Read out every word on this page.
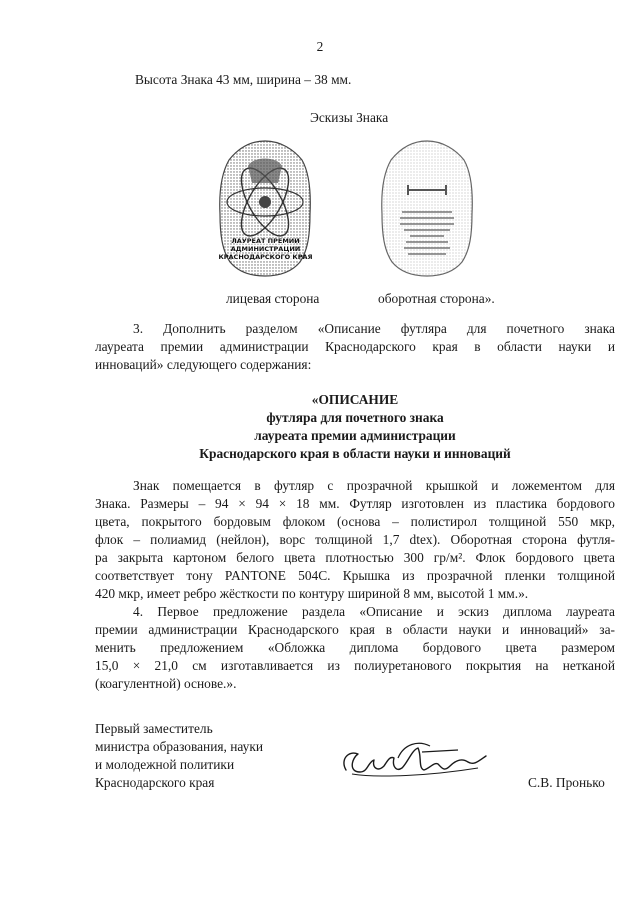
2
Высота Знака 43 мм, ширина – 38 мм.
Эскизы Знака
ЛАУРЕАТ ПРЕМИИ
АДМИНИСТРАЦИИ
КРАСНОДАРСКОГО КРАЯ
лицевая сторона	оборотная сторона».
3. Дополнить разделом «Описание футляра для почетного знака
лауреата премии администрации Краснодарского края в области науки и
инноваций» следующего содержания:
«ОПИСАНИЕ
футляра для почетного знака
лауреата премии администрации
Краснодарского края в области науки и инноваций
Знак помещается в футляр с прозрачной крышкой и ложементом для
Знака. Размеры – 94 × 94 × 18 мм. Футляр изготовлен из пластика бордового
цвета, покрытого бордовым флоком (основа – полистирол толщиной 550 мкр,
флок – полиамид (нейлон), ворс толщиной 1,7 dtex). Оборотная сторона футля-
ра закрыта картоном белого цвета плотностью 300 гр/м². Флок бордового цвета
соответствует тону PANTONE 504C. Крышка из прозрачной пленки толщиной
420 мкр, имеет ребро жёсткости по контуру шириной 8 мм, высотой 1 мм.».
4. Первое предложение раздела «Описание и эскиз диплома лауреата
премии администрации Краснодарского края в области науки и инноваций» за-
менить предложением «Обложка диплома бордового цвета размером
15,0 × 21,0 см изготавливается из полиуретанового покрытия на нетканой
(коагулентной) основе.».
Первый заместитель
министра образования, науки
и молодежной политики
Краснодарского края	С.В. Пронько
